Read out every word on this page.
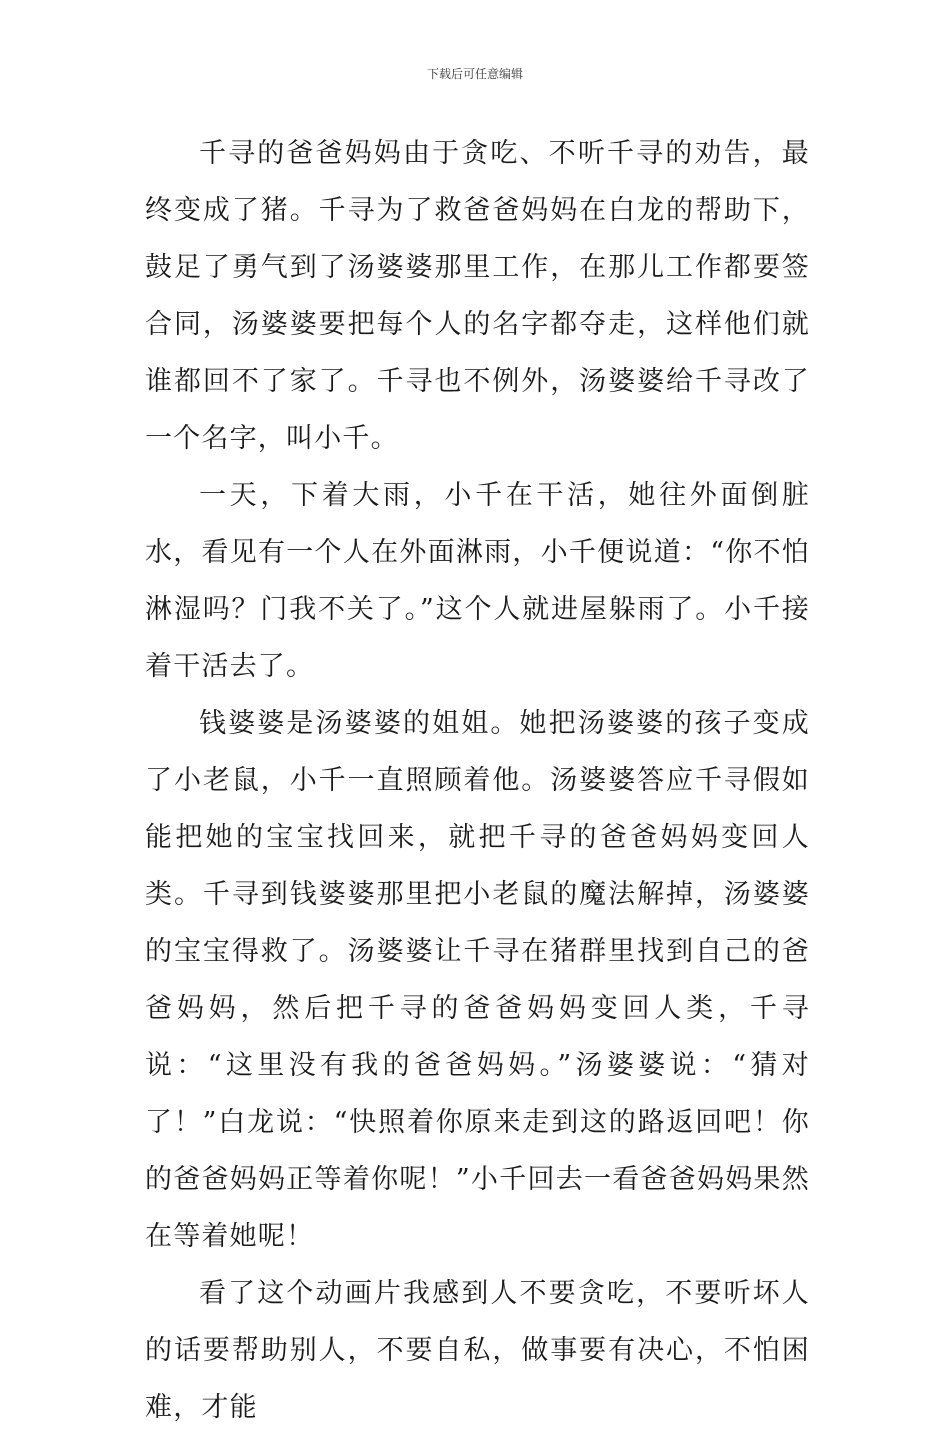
下载后可任意编辑

千寻的爸爸妈妈由于贪吃、不听千寻的劝告，最终变成了猪。千寻为了救爸爸妈妈在白龙的帮助下，鼓足了勇气到了汤婆婆那里工作，在那儿工作都要签合同，汤婆婆要把每个人的名字都夺走，这样他们就谁都回不了家了。千寻也不例外，汤婆婆给千寻改了一个名字，叫小千。

一天，下着大雨，小千在干活，她往外面倒脏水，看见有一个人在外面淋雨，小千便说道：“你不怕淋湿吗？门我不关了。”这个人就进屋躲雨了。小千接着干活去了。

钱婆婆是汤婆婆的姐姐。她把汤婆婆的孩子变成了小老鼠，小千一直照顾着他。汤婆婆答应千寻假如能把她的宝宝找回来，就把千寻的爸爸妈妈变回人类。千寻到钱婆婆那里把小老鼠的魔法解掉，汤婆婆的宝宝得救了。汤婆婆让千寻在猪群里找到自己的爸爸妈妈，然后把千寻的爸爸妈妈变回人类，千寻说：“这里没有我的爸爸妈妈。”汤婆婆说：“猜对了！”白龙说：“快照着你原来走到这的路返回吧！你的爸爸妈妈正等着你呢！”小千回去一看爸爸妈妈果然在等着她呢！

看了这个动画片我感到人不要贪吃，不要听坏人的话要帮助别人，不要自私，做事要有决心，不怕困难，才能
